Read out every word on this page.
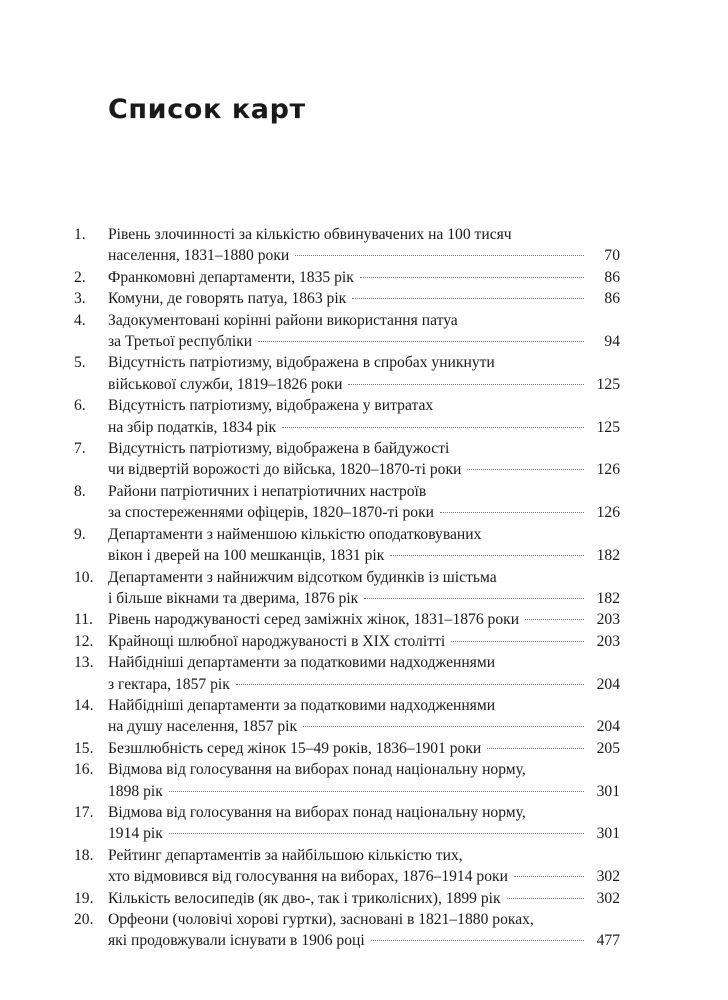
Список карт
1.	Рівень злочинності за кількістю обвинувачених на 100 тисяч
населення, 1831–1880 роки	70
2.	Франкомовні департаменти, 1835 рік	86
3.	Комуни, де говорять патуа, 1863 рік	86
4.	Задокументовані корінні райони використання патуа
за Третьої республіки	94
5.	Відсутність патріотизму, відображена в спробах уникнути
військової служби, 1819–1826 роки	125
6.	Відсутність патріотизму, відображена у витратах
на збір податків, 1834 рік	125
7.	Відсутність патріотизму, відображена в байдужості
чи відвертій ворожості до війська, 1820–1870-ті роки	126
8.	Райони патріотичних і непатріотичних настроїв
за спостереженнями офіцерів, 1820–1870-ті роки	126
9.	Департаменти з найменшою кількістю оподатковуваних
вікон і дверей на 100 мешканців, 1831 рік	182
10. Департаменти з найнижчим відсотком будинків із шістьма
і більше вікнами та дверима, 1876 рік	182
11. Рівень народжуваності серед заміжніх жінок, 1831–1876 роки	203
12. Крайнощі шлюбної народжуваності в XIX столітті	203
13. Найбідніші департаменти за податковими надходженнями
з гектара, 1857 рік	204
14. Найбідніші департаменти за податковими надходженнями
на душу населення, 1857 рік	204
15. Безшлюбність серед жінок 15–49 років, 1836–1901 роки	205
16. Відмова від голосування на виборах понад національну норму,
1898 рік	301
17. Відмова від голосування на виборах понад національну норму,
1914 рік	301
18. Рейтинг департаментів за найбільшою кількістю тих,
хто відмовився від голосування на виборах, 1876–1914 роки	302
19. Кількість велосипедів (як дво-, так і триколісних), 1899 рік	302
20. Орфеони (чоловічі хорові гуртки), засновані в 1821–1880 роках,
які продовжували існувати в 1906 році	477
